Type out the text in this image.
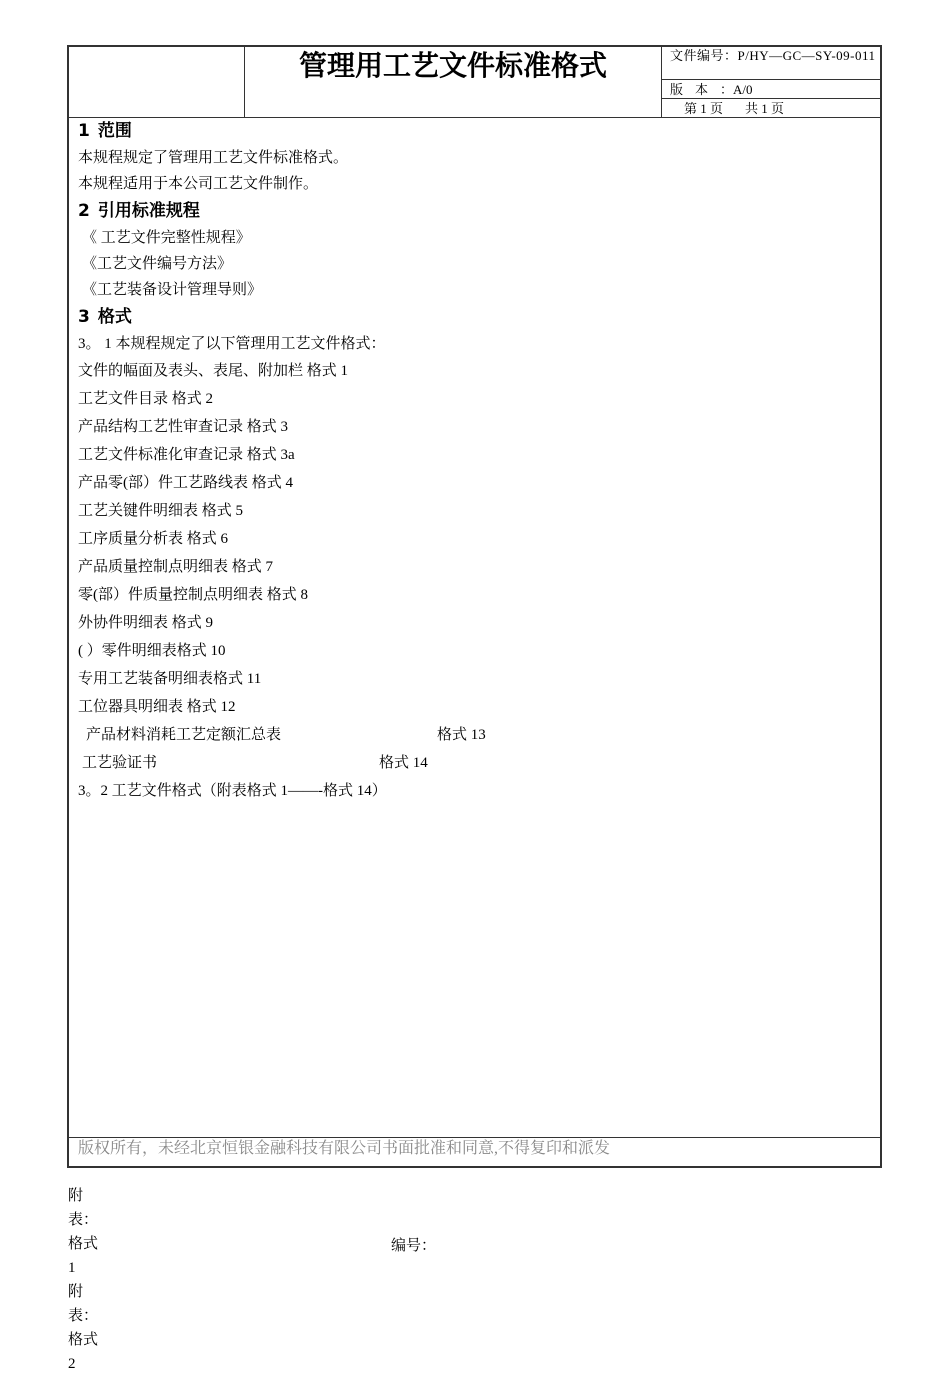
管理用工艺文件标准格式	文件编号：P/HY—GC—SY-09-011
版本：A/0
第 1 页 共 1 页
1 范围
本规程规定了管理用工艺文件标准格式。
本规程适用于本公司工艺文件制作。
2 引用标准规程
《 工艺文件完整性规程》
《工艺文件编号方法》
《工艺装备设计管理导则》
3 格式
3。 1 本规程规定了以下管理用工艺文件格式：
文件的幅面及表头、表尾、附加栏 格式 1
工艺文件目录 格式 2
产品结构工艺性审查记录 格式 3
工艺文件标准化审查记录 格式 3a
产品零(部）件工艺路线表 格式 4
工艺关键件明细表 格式 5
工序质量分析表 格式 6
产品质量控制点明细表 格式 7
零(部）件质量控制点明细表 格式 8
外协件明细表 格式 9
( ）零件明细表格式 10
专用工艺装备明细表格式 11
工位器具明细表 格式 12
产品材料消耗工艺定额汇总表	格式 13
工艺验证书	格式 14
3。2 工艺文件格式（附表格式 1——-格式 14）
版权所有，未经北京恒银金融科技有限公司书面批准和同意,不得复印和派发
附表：格式 1
附表：格式 2
编号：
